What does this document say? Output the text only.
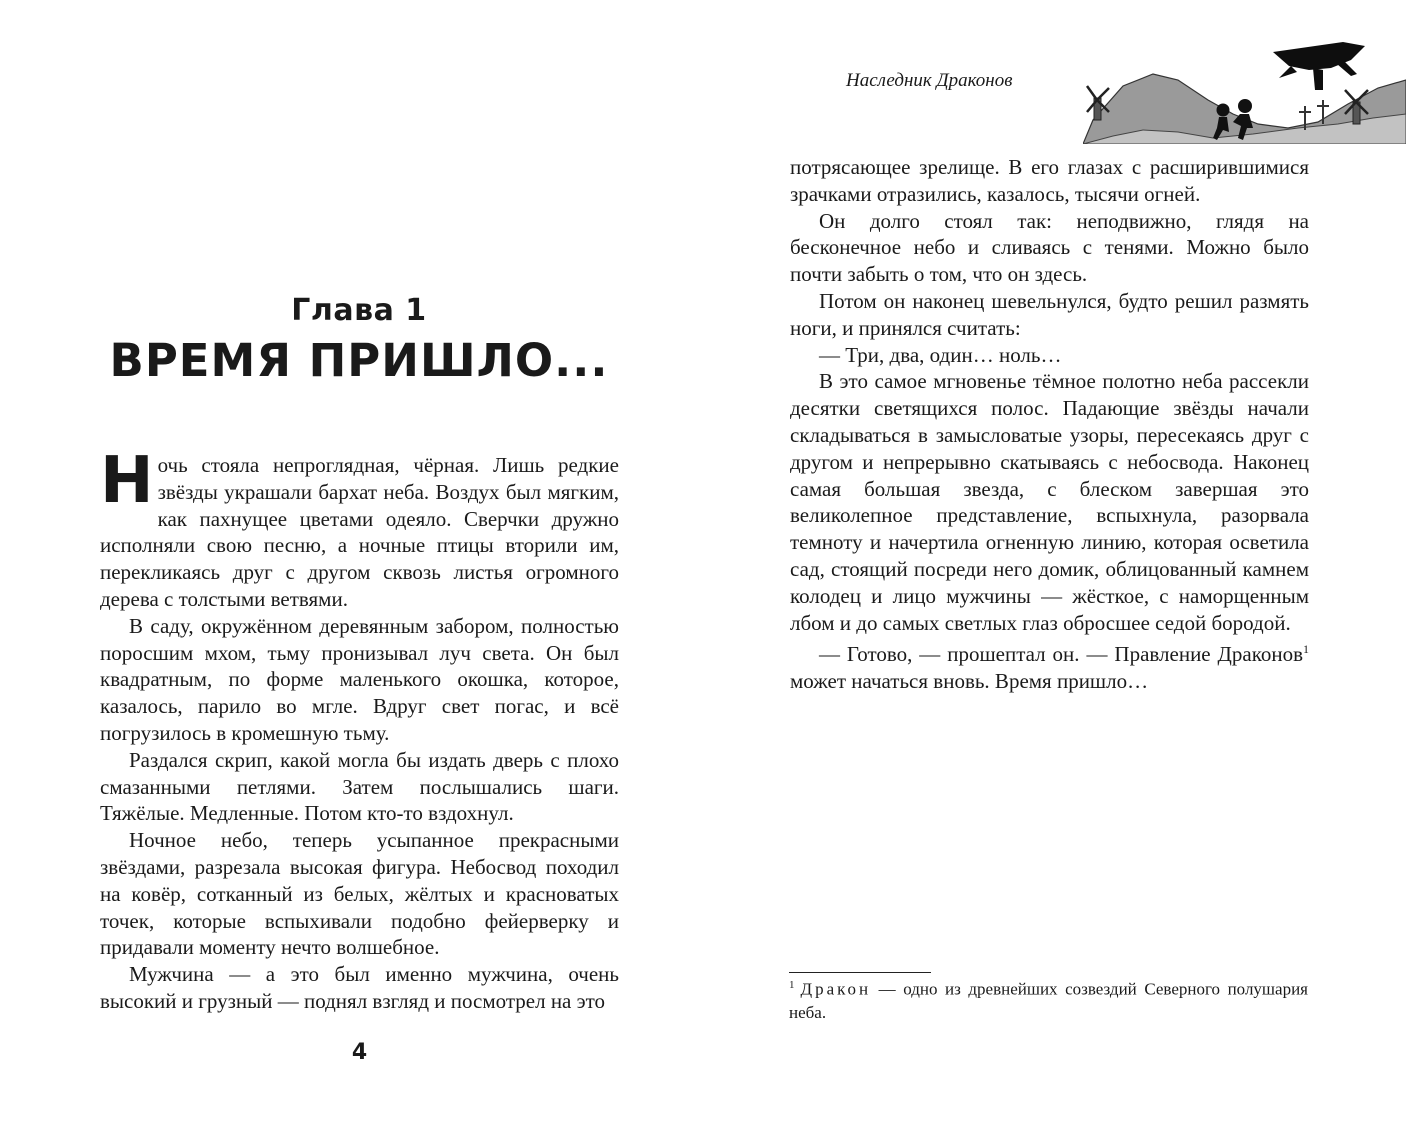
Глава 1
ВРЕМЯ ПРИШЛО...

Ночь стояла непроглядная, чёрная. Лишь редкие звёзды украшали бархат неба. Воздух был мягким, как пахнущее цветами одеяло. Сверчки дружно исполняли свою песню, а ночные птицы вторили им, перекликаясь друг с другом сквозь листья огромного дерева с толстыми ветвями.

В саду, окружённом деревянным забором, полностью поросшим мхом, тьму пронизывал луч света. Он был квадратным, по форме маленького окошка, которое, казалось, парило во мгле. Вдруг свет погас, и всё погрузилось в кромешную тьму.

Раздался скрип, какой могла бы издать дверь с плохо смазанными петлями. Затем послышались шаги. Тяжёлые. Медленные. Потом кто-то вздохнул.

Ночное небо, теперь усыпанное прекрасными звёздами, разрезала высокая фигура. Небосвод походил на ковёр, сотканный из белых, жёлтых и красноватых точек, которые вспыхивали подобно фейерверку и придавали моменту нечто волшебное.

Мужчина — а это был именно мужчина, очень высокий и грузный — поднял взгляд и посмотрел на это

4
Наследник Драконов

потрясающее зрелище. В его глазах с расширившимися зрачками отразились, казалось, тысячи огней.

Он долго стоял так: неподвижно, глядя на бесконечное небо и сливаясь с тенями. Можно было почти забыть о том, что он здесь.

Потом он наконец шевельнулся, будто решил размять ноги, и принялся считать:

— Три, два, один… ноль…

В это самое мгновенье тёмное полотно неба рассекли десятки светящихся полос. Падающие звёзды начали складываться в замысловатые узоры, пересекаясь друг с другом и непрерывно скатываясь с небосвода. Наконец самая большая звезда, с блеском завершая это великолепное представление, вспыхнула, разорвала темноту и начертила огненную линию, которая осветила сад, стоящий посреди него домик, облицованный камнем колодец и лицо мужчины — жёсткое, с наморщенным лбом и до самых светлых глаз обросшее седой бородой.

— Готово, — прошептал он. — Правление Драконов$^1$ может начаться вновь. Время пришло…

$^1$ Дракон — одно из древнейших созвездий Северного полушария неба.
